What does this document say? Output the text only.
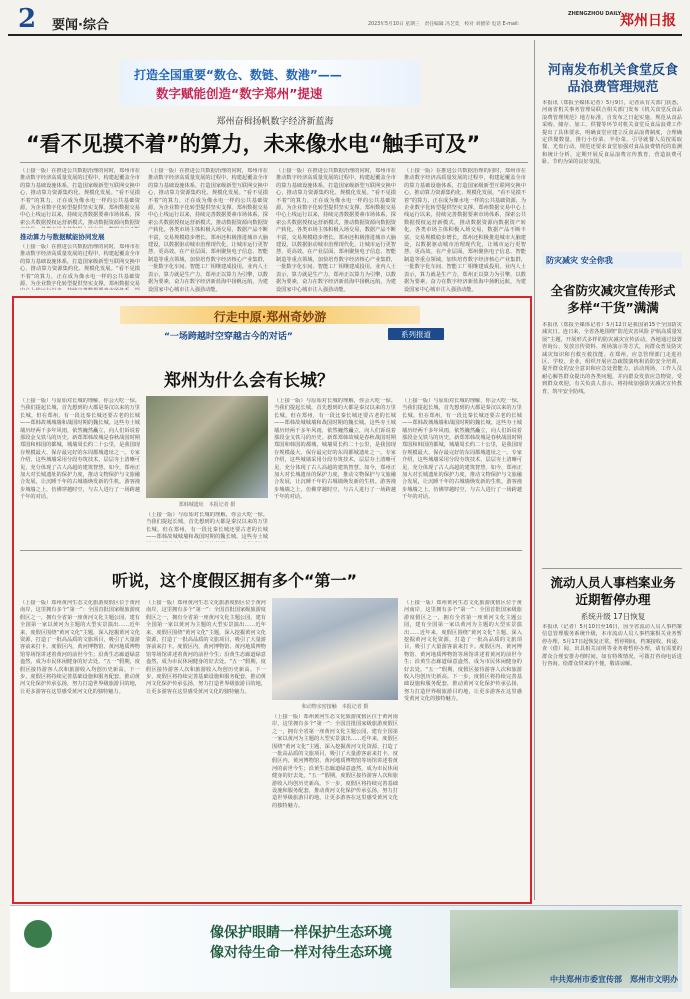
2 要闻·综合	2023年5月10日 星期三　责任编辑 冯艺奕　校对 刘德荣 电话 E-mail:
ZHENGZHOU DAILY
郑州日报
打造全国重要“数仓、数链、数港”——
数字赋能创造“数字郑州”提速
郑州奋楫扬帆数字经济新蓝海
“看不见摸不着”的算力，未来像水电“触手可及”
（上接一版）在推进公共数据治理的同时，郑州市在推动数字经济高质量发展的过程中，构建起覆盖全市的算力基础设施体系，打造国家级新型互联网交换中心，推动算力资源集约化、规模化发展。“看不见摸不着”的算力，正在成为像水电一样的公共基础资源，为企业数字化转型提供坚实支撑。郑州数据交易中心上线运行以来，持续完善数据要素市场体系，探索公共数据授权运营新模式，推动数据资源向数据资
推动算力与数据赋能协同发展
（上接一版）在推进公共数据治理的同时，郑州市在推动数字经济高质量发展的过程中，构建起覆盖全市的算力基础设施体系，打造国家级新型互联网交换中心，推动算力资源集约化、规模化发展。“看不见摸不着”的算力，正在成为像水电一样的公共基础资源，为企业数字化转型提供坚实支撑。郑州数据交易
（上接一版）在推进公共数据治理的同时，郑州市在推动数字经济高质量发展的过程中，构建起覆盖全市的算力基础设施体系，打造国家级新型互联网交换中心，推动算力资源集约化、规模化发展。“看不见摸不着”的算力，正在成为像水电一样的公共基础资源，为企业数字化转型提供坚实支撑。郑州数据交易中心上线运行以来，持续完善数据要素市场体系，探索公共数据授权运营新模式，推动数据资源向数据资产转化。各类市场主体积极入场交易，数据产品不断丰富，交易规模稳步增长。郑州还积极推进城市大脑建设，以数据驱动城市治理现代化，让城市运行更智慧、更高效。在产业层面，郑州聚焦电子信息、智能制造等重点领域，加快培育数字经济核心产业集群，一批数字化车间、智能工厂相继建成投用。业内人士表示，算力就是生产力，郑州正以算力为引擎，以数据为要素，奋力在数字经济新蓝海中扬帆远航，为建设国家中心城市注入强劲动能。
（上接一版）在推进公共数据治理的同时，郑州市在推动数字经济高质量发展的过程中，构建起覆盖全市的算力基础设施体系，打造国家级新型互联网交换中心，推动算力资源集约化、规模化发展。“看不见摸不着”的算力，正在成为像水电一样的公共基础资源，为企业数字化转型提供坚实支撑。郑州数据交易中心上线运行以来，持续完善数据要素市场体系，探索公共数据授权运营新模式，推动数据资源向数据资产转化。各类市场主体积极入场交易，数据产品不断丰富，交易规模稳步增长。郑州还积极推进城市大脑建设，以数据驱动城市治理现代化，让城市运行更智慧、更高效。在产业层面，郑州聚焦电子信息、智能制造等重点领域，加快培育数字经济核心产业集群，一批数字化车间、智能工厂相继建成投用。业内人士表示，算力就是生产力，郑州正以算力为引擎，以数据为要素，奋力在数字经济新蓝海中扬帆远航，为建设国家中心城市注入强劲动能。
（上接一版）在推进公共数据治理的同时，郑州市在推动数字经济高质量发展的过程中，构建起覆盖全市的算力基础设施体系，打造国家级新型互联网交换中心，推动算力资源集约化、规模化发展。“看不见摸不着”的算力，正在成为像水电一样的公共基础资源，为企业数字化转型提供坚实支撑。郑州数据交易中心上线运行以来，持续完善数据要素市场体系，探索公共数据授权运营新模式，推动数据资源向数据资产转化。各类市场主体积极入场交易，数据产品不断丰富，交易规模稳步增长。郑州还积极推进城市大脑建设，以数据驱动城市治理现代化，让城市运行更智慧、更高效。在产业层面，郑州聚焦电子信息、智能制造等重点领域，加快培育数字经济核心产业集群，一批数字化车间、智能工厂相继建成投用。业内人士表示，算力就是生产力，郑州正以算力为引擎，以数据为要素，奋力在数字经济新蓝海中扬帆远航，为建设国家中心城市注入强劲动能。
河南发布机关食堂反食品浪费管理规范
本报讯（郑报全媒体记者）5月9日，记者从有关部门获悉，河南省机关事务管理局联合相关部门发布《机关食堂反食品浪费管理规范》地方标准，自发布之日起实施。规范从食品采购、储存、加工、供餐等环节对机关食堂反食品浪费工作提出了具体要求，明确食堂应建立反食品浪费制度，合理确定供餐数量，推行小份菜、半份菜，引导就餐人员按需取餐、光盘行动。规范还要求食堂加强对食品浪费情况的监测和统计分析，定期开展反食品浪费宣传教育，营造浪费可耻、节约为荣的良好氛围。
防灾减灾 安全你我
全省防灾减灾宣传形式多样“干货”满满
本报讯（郑报全媒体记者）5月12日是我国第15个全国防灾减灾日。连日来，全省各地围绕“防范灾害风险 护航高质量发展”主题，开展形式多样的防灾减灾宣传活动。各地通过设置咨询台、发放宣传资料、现场演示等方式，向群众普及防灾减灾知识和自救互救技能。在郑州，应急管理部门走进社区、学校、企业，组织开展应急疏散演练和消防安全培训，提升群众的安全意识和应急处置能力。活动现场，工作人员耐心解答群众提出的各类问题，并向群众发放应急物资，受到群众欢迎。有关负责人表示，将持续加强防灾减灾宣传教育，筑牢安全防线。
流动人员人事档案业务近期暂停办理
系统升级 17日恢复
本报讯（记者）5月10日至16日，因全省流动人员人事档案信息管理服务系统升级，本市流动人员人事档案相关业务暂停办理，5月17日起恢复正常。暂停期间，档案接收、转递、查（借）阅、出具相关证明等业务将暂停办理，请有需要的群众合理安排办理时间。如有特殊情况，可拨打咨询电话进行咨询。给群众带来的不便，敬请谅解。
行走中原·郑州奇妙游
“一场跨越时空穿越古今的对话”	系列报道
郑州为什么会有长城？
（上接一版）与原始对长城的理解，你会大吃一惊。当我们提起长城，首先想到的大都是秦汉以来的万里长城。但在郑州，有一段比秦长城还要古老的长城——郑韩故城城墙和战国时期的魏长城。这些夯土城墙历经两千多年风雨，依然巍然矗立，向人们诉说着那段金戈铁马的历史。新郑郑韩故城是春秋战国时期郑国和韩国的都城，城墙周长约二十公里，是我国现存规模最大、保存最完好的东周都城遗址之一。专家介绍，这些城墙采用分段夯筑技术，层层夯土清晰可见，充分体现了古人高超的建筑智慧。如今，郑州正加大对长城遗址的保护力度，推动文物保护与文旅融合发展，让沉睡千年的古城墙焕发新的生机。游客漫步城墙之上，仿佛穿越时空，与古人进行了一场跨越千年的对话。
郑韩城遗址　本报记者 摄
（上接一版）与原始对长城的理解，你会大吃一惊。当我们提起长城，首先想到的大都是秦汉以来的万里长城。但在郑州，有一段比秦长城还要古老的长城——郑韩故城城墙和战国时期的魏长城。这些夯土城
（上接一版）与原始对长城的理解，你会大吃一惊。当我们提起长城，首先想到的大都是秦汉以来的万里长城。但在郑州，有一段比秦长城还要古老的长城——郑韩故城城墙和战国时期的魏长城。这些夯土城墙历经两千多年风雨，依然巍然矗立，向人们诉说着那段金戈铁马的历史。新郑郑韩故城是春秋战国时期郑国和韩国的都城，城墙周长约二十公里，是我国现存规模最大、保存最完好的东周都城遗址之一。专家介绍，这些城墙采用分段夯筑技术，层层夯土清晰可见，充分体现了古人高超的建筑智慧。如今，郑州正加大对长城遗址的保护力度，推动文物保护与文旅融合发展，让沉睡千年的古城墙焕发新的生机。游客漫步城墙之上，仿佛穿越时空，与古人进行了一场跨越千年的对话。
（上接一版）与原始对长城的理解，你会大吃一惊。当我们提起长城，首先想到的大都是秦汉以来的万里长城。但在郑州，有一段比秦长城还要古老的长城——郑韩故城城墙和战国时期的魏长城。这些夯土城墙历经两千多年风雨，依然巍然矗立，向人们诉说着那段金戈铁马的历史。新郑郑韩故城是春秋战国时期郑国和韩国的都城，城墙周长约二十公里，是我国现存规模最大、保存最完好的东周都城遗址之一。专家介绍，这些城墙采用分段夯筑技术，层层夯土清晰可见，充分体现了古人高超的建筑智慧。如今，郑州正加大对长城遗址的保护力度，推动文物保护与文旅融合发展，让沉睡千年的古城墙焕发新的生机。游客漫步城墙之上，仿佛穿越时空，与古人进行了一场跨越千年的对话。
听说，这个度假区拥有多个“第一”
（上接一版）郑州黄河生态文化旅游度假区位于黄河南岸，这里拥有多个“第一”：全国首批国家级旅游度假区之一，拥有全省第一座黄河文化主题公园，建有全国第一家以黄河为主题的大型实景演出……近年来，度假区围绕“黄河文化”主题，深入挖掘黄河文化资源，打造了一批高品质的文旅项目，吸引了大量游客前来打卡。度假区内，黄河博物馆、黄河地质博物馆等场馆讲述着黄河的前世今生；沿黄生态廊道绿意盎然，成为市民休闲健身的好去处。“五一”假期，度假区接待游客人次和旅游收入均创历史新高。下一步，度假区将持续完善基础设施和服务配套，推动黄河文化保护传承弘扬，努力打造世界级旅游目的地，让更多游客在这里感受黄河文化的独特魅力。
（上接一版）郑州黄河生态文化旅游度假区位于黄河南岸，这里拥有多个“第一”：全国首批国家级旅游度假区之一，拥有全省第一座黄河文化主题公园，建有全国第一家以黄河为主题的大型实景演出……近年来，度假区围绕“黄河文化”主题，深入挖掘黄河文化资源，打造了一批高品质的文旅项目，吸引了大量游客前来打卡。度假区内，黄河博物馆、黄河地质博物馆等场馆讲述着黄河的前世今生；沿黄生态廊道绿意盎然，成为市民休闲健身的好去处。“五一”假期，度假区接待游客人次和旅游收入均创历史新高。下一步，度假区将持续完善基础设施和服务配套，推动黄河文化保护传承弘扬，努力打造世界级旅游目的地，让更多游客在这里感受黄河文化的独特魅力。
和动物亲密接触　本报记者 摄
（上接一版）郑州黄河生态文化旅游度假区位于黄河南岸，这里拥有多个“第一”：全国首批国家级旅游度假区之一，拥有全省第一座黄河文化主题公园，建有全国第一家以黄河为主题的大型实景演出……近年来，度假区围绕“黄河文化”主题，深入挖掘黄河文化资源，打造了一批高品质的文旅项目，吸引了大量游客前来打卡。度假区内，黄河博物馆、黄河地质博物馆等场馆讲述着黄河的前世今生；沿黄生态廊道绿意盎然，成为市民休闲健身的好去处。“五一”假期，度假区接待游客人次和旅游收入均创历史新高。下一步，度假区将持续完善基础设施和服务配套，推动黄河文化保护传承弘扬，努力打造世界级旅游目的地，让更多游客在这里感受黄河文化的独特魅力。
（上接一版）郑州黄河生态文化旅游度假区位于黄河南岸，这里拥有多个“第一”：全国首批国家级旅游度假区之一，拥有全省第一座黄河文化主题公园，建有全国第一家以黄河为主题的大型实景演出……近年来，度假区围绕“黄河文化”主题，深入挖掘黄河文化资源，打造了一批高品质的文旅项目，吸引了大量游客前来打卡。度假区内，黄河博物馆、黄河地质博物馆等场馆讲述着黄河的前世今生；沿黄生态廊道绿意盎然，成为市民休闲健身的好去处。“五一”假期，度假区接待游客人次和旅游收入均创历史新高。下一步，度假区将持续完善基础设施和服务配套，推动黄河文化保护传承弘扬，努力打造世界级旅游目的地，让更多游客在这里感受黄河文化的独特魅力。
像保护眼睛一样保护生态环境
像对待生命一样对待生态环境
中共郑州市委宣传部　郑州市文明办
